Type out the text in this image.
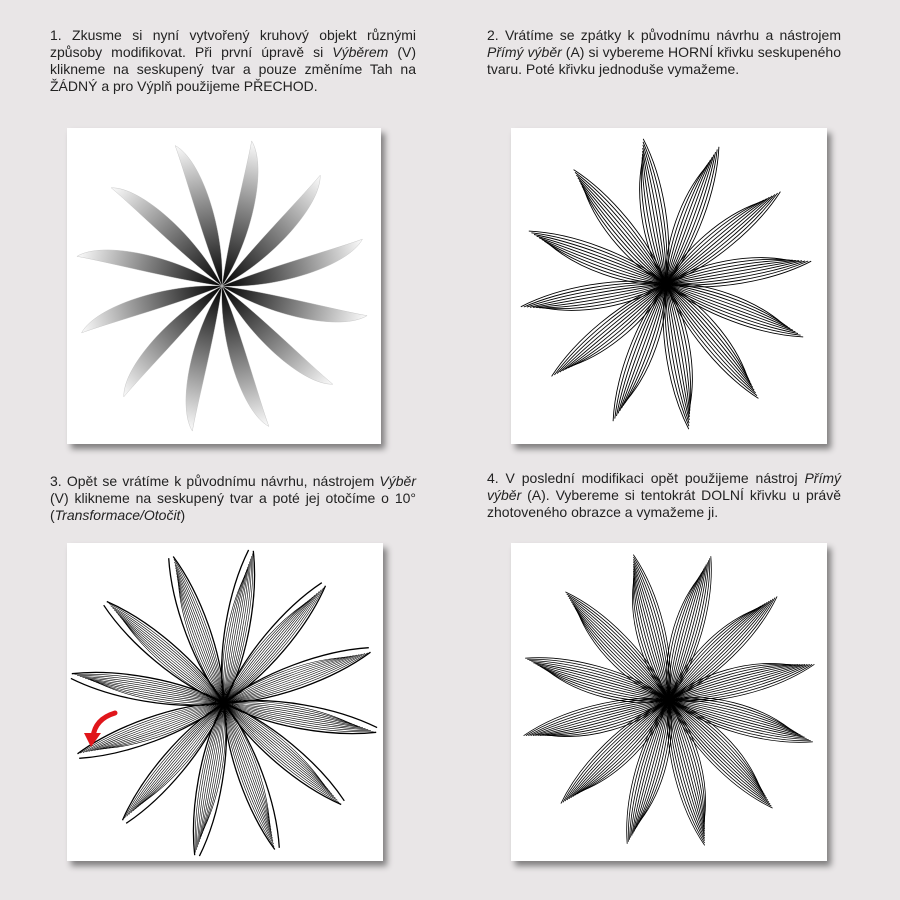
1. Zkusme si nyní vytvořený kruhový objekt různými způsoby modifikovat. Při první úpravě si Výběrem (V) klikneme na seskupený tvar a pouze změníme Tah na ŽÁDNÝ a pro Výplň použijeme PŘECHOD.

2. Vrátíme se zpátky k původnímu návrhu a nástrojem Přímý výběr (A) si vybereme HORNÍ křivku seskupeného tvaru. Poté křivku jednoduše vymažeme.

3. Opět se vrátíme k původnímu návrhu, nástrojem Výběr (V) klikneme na seskupený tvar a poté jej otočíme o 10° (Transformace/Otočit)

4. V poslední modifikaci opět použijeme nástroj Přímý výběr (A). Vybereme si tentokrát DOLNÍ křivku u právě zhotoveného obrazce a vymažeme ji.
